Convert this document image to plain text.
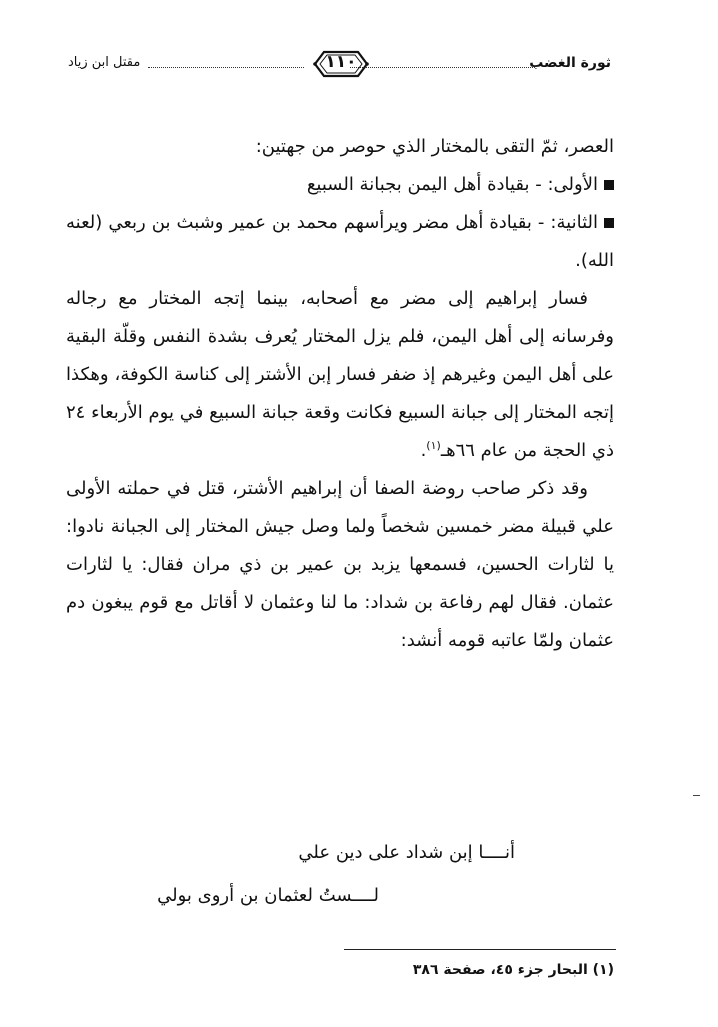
ثورة الغضب
١١٠
مقتل ابن زياد

العصر، ثمّ التقى بالمختار الذي حوصر من جهتين:

الأولى: - بقيادة أهل اليمن بجبانة السبيع

الثانية: - بقيادة أهل مضر ويرأسهم محمد بن عمير وشبث بن ربعي (لعنه الله).

فسار إبراهيم إلى مضر مع أصحابه، بينما إتجه المختار مع رجاله وفرسانه إلى أهل اليمن، فلم يزل المختار يُعرف بشدة النفس وقلّة البقية على أهل اليمن وغيرهم إذ ضفر فسار إبن الأشتر إلى كناسة الكوفة، وهكذا إتجه المختار إلى جبانة السبيع فكانت وقعة جبانة السبيع في يوم الأربعاء ٢٤ ذي الحجة من عام ٦٦هـ$^{(١)}$.

وقد ذكر صاحب روضة الصفا أن إبراهيم الأشتر، قتل في حملته الأولى علي قبيلة مضر خمسين شخصاً ولما وصل جيش المختار إلى الجبانة نادوا: يا لثارات الحسين، فسمعها يزبد بن عمير بن ذي مران فقال: يا لثارات عثمان. فقال لهم رفاعة بن شداد: ما لنا وعثمان لا أقاتل مع قوم يبغون دم عثمان ولمّا عاتبه قومه أنشد:

أنــــا إبن شداد على دين علي
لــــستُ لعثمان بن أروى بولي
(١) البحار جزء ٤٥، صفحة ٣٨٦
